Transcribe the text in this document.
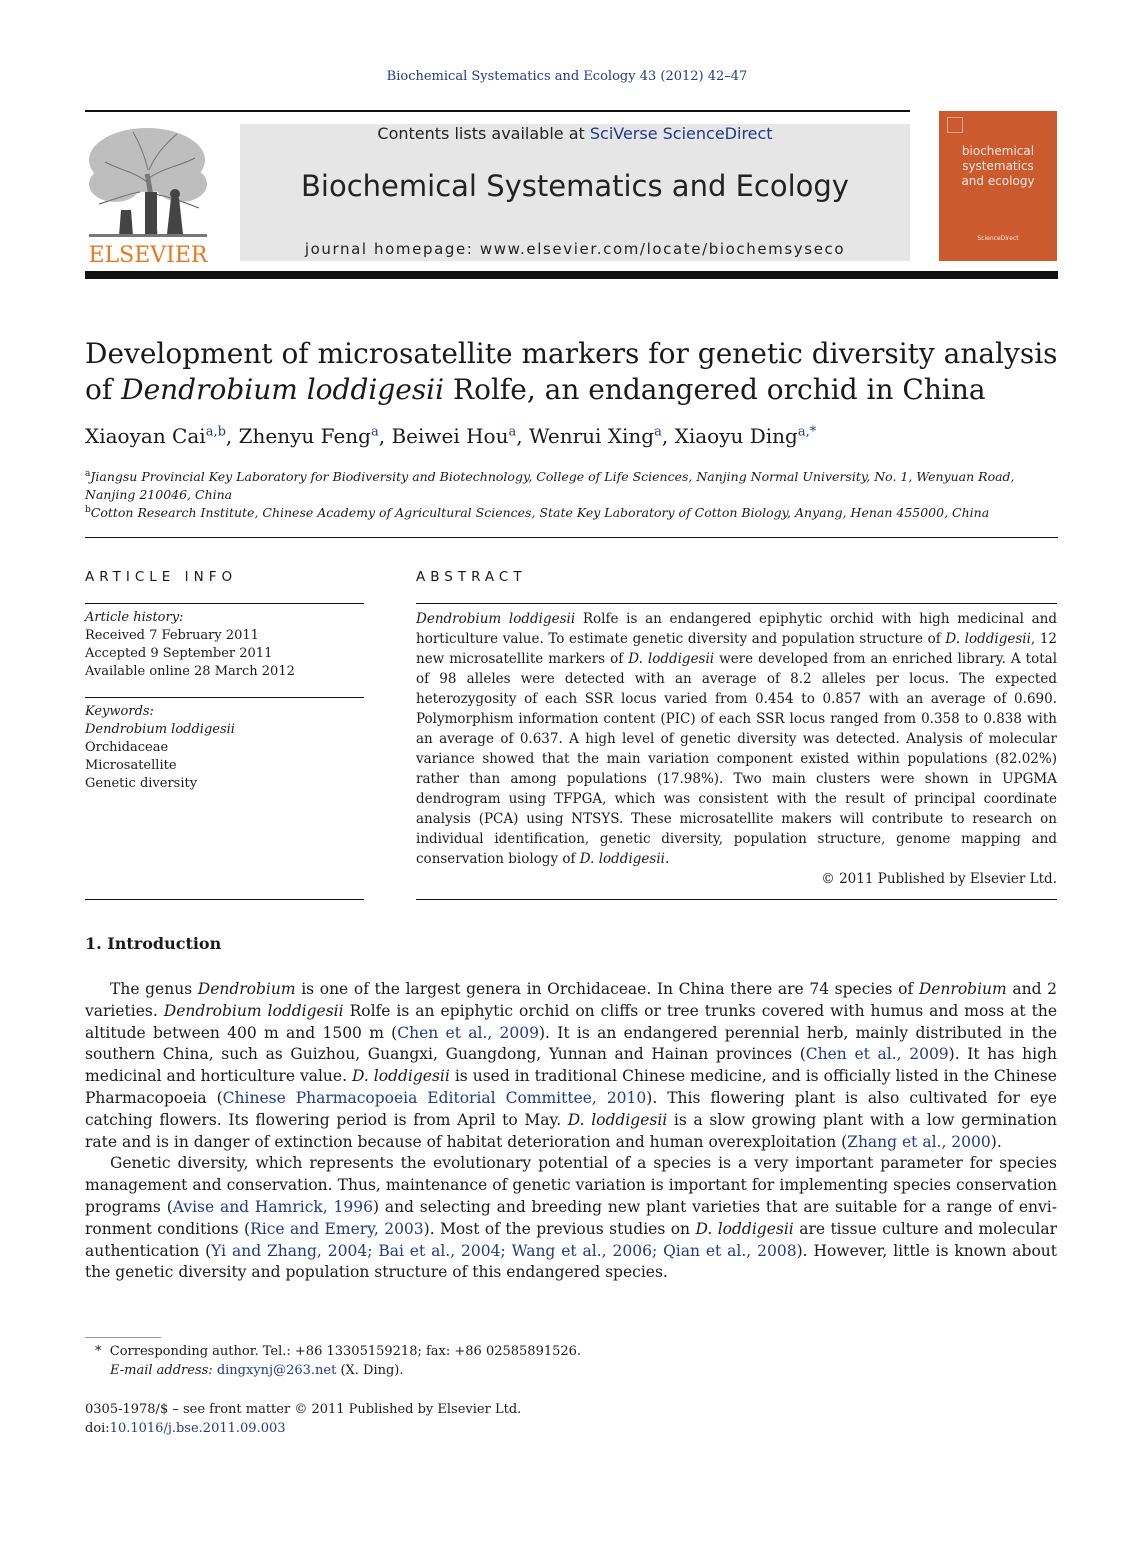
Biochemical Systematics and Ecology 43 (2012) 42–47
ELSEVIER
Contents lists available at SciVerse ScienceDirect
Biochemical Systematics and Ecology
journal homepage: www.elsevier.com/locate/biochemsyseco
biochemical
systematics
and ecology
ScienceDirect
Development of microsatellite markers for genetic diversity analysis
of Dendrobium loddigesii Rolfe, an endangered orchid in China
Xiaoyan Cai$^{a,b}$, Zhenyu Feng$^a$, Beiwei Hou$^a$, Wenrui Xing$^a$, Xiaoyu Ding$^{a,*}$
$^a$Jiangsu Provincial Key Laboratory for Biodiversity and Biotechnology, College of Life Sciences, Nanjing Normal University, No. 1, Wenyuan Road,
Nanjing 210046, China
$^b$Cotton Research Institute, Chinese Academy of Agricultural Sciences, State Key Laboratory of Cotton Biology, Anyang, Henan 455000, China
ARTICLE INFO
Article history:
Received 7 February 2011
Accepted 9 September 2011
Available online 28 March 2012
Keywords:
Dendrobium loddigesii
Orchidaceae
Microsatellite
Genetic diversity
ABSTRACT
Dendrobium loddigesii Rolfe is an endangered epiphytic orchid with high medicinal and horticulture value. To estimate genetic diversity and population structure of D. loddigesii, 12 new microsatellite markers of D. loddigesii were developed from an enriched library. A total of 98 alleles were detected with an average of 8.2 alleles per locus. The expected heterozygosity of each SSR locus varied from 0.454 to 0.857 with an average of 0.690. Polymorphism information content (PIC) of each SSR locus ranged from 0.358 to 0.838 with an average of 0.637. A high level of genetic diversity was detected. Analysis of molecular variance showed that the main variation component existed within populations (82.02%) rather than among populations (17.98%). Two main clusters were shown in UPGMA dendrogram using TFPGA, which was consistent with the result of principal coordinate analysis (PCA) using NTSYS. These microsatellite makers will contribute to research on individual identification, genetic diversity, population structure, genome mapping and conservation biology of D. loddigesii.
© 2011 Published by Elsevier Ltd.
1. Introduction

The genus Dendrobium is one of the largest genera in Orchidaceae. In China there are 74 species of Denrobium and 2 varieties. Dendrobium loddigesii Rolfe is an epiphytic orchid on cliffs or tree trunks covered with humus and moss at the altitude between 400 m and 1500 m (Chen et al., 2009). It is an endangered perennial herb, mainly distributed in the southern China, such as Guizhou, Guangxi, Guangdong, Yunnan and Hainan provinces (Chen et al., 2009). It has high medicinal and horticulture value. D. loddigesii is used in traditional Chinese medicine, and is officially listed in the Chinese Pharmacopoeia (Chinese Pharmacopoeia Editorial Committee, 2010). This flowering plant is also cultivated for eye catching flowers. Its flowering period is from April to May. D. loddigesii is a slow growing plant with a low germination rate and is in danger of extinction because of habitat deterioration and human overexploitation (Zhang et al., 2000).

Genetic diversity, which represents the evolutionary potential of a species is a very important parameter for species management and conservation. Thus, maintenance of genetic variation is important for implementing species conservation programs (Avise and Hamrick, 1996) and selecting and breeding new plant varieties that are suitable for a range of envi-ronment conditions (Rice and Emery, 2003). Most of the previous studies on D. loddigesii are tissue culture and molecular authentication (Yi and Zhang, 2004; Bai et al., 2004; Wang et al., 2006; Qian et al., 2008). However, little is known about the genetic diversity and population structure of this endangered species.

* Corresponding author. Tel.: +86 13305159218; fax: +86 02585891526.
E-mail address: dingxynj@263.net (X. Ding).
0305-1978/$ – see front matter © 2011 Published by Elsevier Ltd.
doi:10.1016/j.bse.2011.09.003
